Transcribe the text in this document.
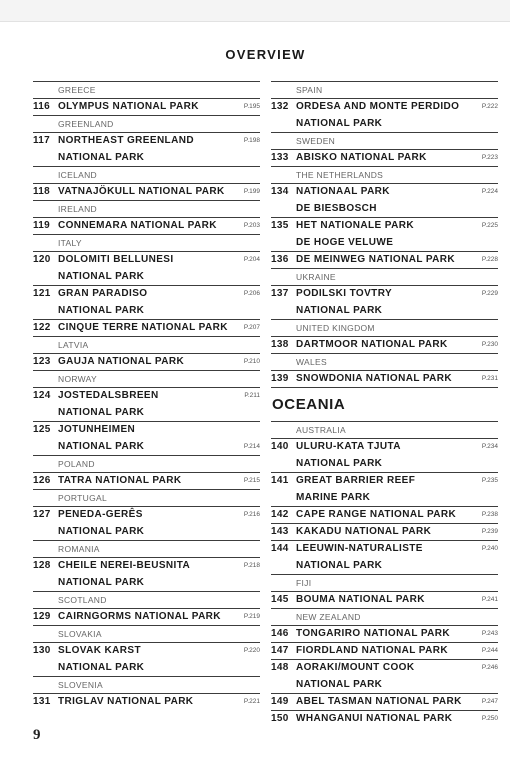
OVERVIEW
GREECE
116 OLYMPUS NATIONAL PARK	P.195
GREENLAND
117 NORTHEAST GREENLAND	P.198
NATIONAL PARK
ICELAND
118 VATNAJÖKULL NATIONAL PARK	P.199
IRELAND
119 CONNEMARA NATIONAL PARK	P.203
ITALY
120 DOLOMITI BELLUNESI	P.204
NATIONAL PARK
121 GRAN PARADISO	P.206
NATIONAL PARK
122 CINQUE TERRE NATIONAL PARK P.207
LATVIA
123 GAUJA NATIONAL PARK	P.210
NORWAY
124 JOSTEDALSBREEN	P.211
NATIONAL PARK
125 JOTUNHEIMEN
NATIONAL PARK	P.214
POLAND
126 TATRA NATIONAL PARK	P.215
PORTUGAL
127 PENEDA-GERÊS	P.216
NATIONAL PARK
ROMANIA
128 CHEILE NEREI-BEUSNITA	P.218
NATIONAL PARK
SCOTLAND
129 CAIRNGORMS NATIONAL PARK	P.219
SLOVAKIA
130 SLOVAK KARST	P.220
NATIONAL PARK
SLOVENIA
131 TRIGLAV NATIONAL PARK	P.221
SPAIN
132 ORDESA AND MONTE PERDIDO	P.222
NATIONAL PARK
SWEDEN
133 ABISKO NATIONAL PARK	P.223
THE NETHERLANDS
134 NATIONAAL PARK	P.224
DE BIESBOSCH
135 HET NATIONALE PARK	P.225
DE HOGE VELUWE
136 DE MEINWEG NATIONAL PARK	P.228
UKRAINE
137 PODILSKI TOVTRY	P.229
NATIONAL PARK
UNITED KINGDOM
138 DARTMOOR NATIONAL PARK	P.230
WALES
139 SNOWDONIA NATIONAL PARK	P.231
OCEANIA
AUSTRALIA
140 ULURU-KATA TJUTA	P.234
NATIONAL PARK
141 GREAT BARRIER REEF	P.235
MARINE PARK
142 CAPE RANGE NATIONAL PARK	P.238
143 KAKADU NATIONAL PARK	P.239
144 LEEUWIN-NATURALISTE	P.240
NATIONAL PARK
FIJI
145 BOUMA NATIONAL PARK	P.241
NEW ZEALAND
146 TONGARIRO NATIONAL PARK	P.243
147 FIORDLAND NATIONAL PARK	P.244
148 AORAKI/MOUNT COOK	P.246
NATIONAL PARK
149 ABEL TASMAN NATIONAL PARK	P.247
150 WHANGANUI NATIONAL PARK	P.250
9
